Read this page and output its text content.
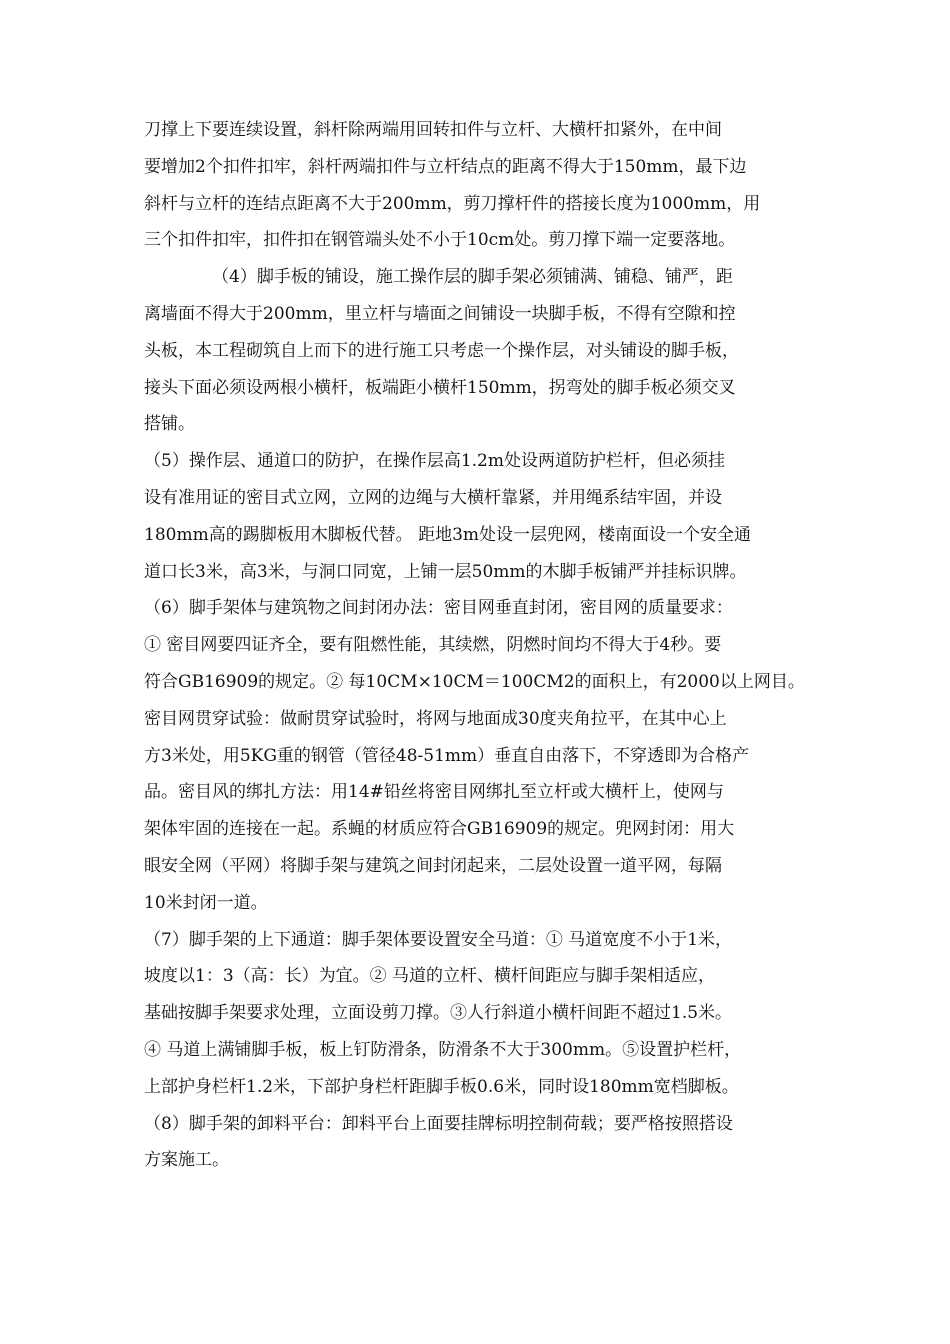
刀撑上下要连续设置，斜杆除两端用回转扣件与立杆、大横杆扣紧外，在中间
要增加2个扣件扣牢，斜杆两端扣件与立杆结点的距离不得大于150mm，最下边
斜杆与立杆的连结点距离不大于200mm，剪刀撑杆件的搭接长度为1000mm，用
三个扣件扣牢，扣件扣在钢管端头处不小于10cm处。剪刀撑下端一定要落地。
（4）脚手板的铺设，施工操作层的脚手架必须铺满、铺稳、铺严，距
离墙面不得大于200mm，里立杆与墙面之间铺设一块脚手板，不得有空隙和控
头板，本工程砌筑自上而下的进行施工只考虑一个操作层，对头铺设的脚手板，
接头下面必须设两根小横杆，板端距小横杆150mm，拐弯处的脚手板必须交叉
搭铺。
（5）操作层、通道口的防护，在操作层高1.2m处设两道防护栏杆，但必须挂
设有准用证的密目式立网，立网的边绳与大横杆靠紧，并用绳系结牢固，并设
180mm高的踢脚板用木脚板代替。 距地3m处设一层兜网，楼南面设一个安全通
道口长3米，高3米，与洞口同宽，上铺一层50mm的木脚手板铺严并挂标识牌。
（6）脚手架体与建筑物之间封闭办法：密目网垂直封闭，密目网的质量要求：
① 密目网要四证齐全，要有阻燃性能，其续燃，阴燃时间均不得大于4秒。要
符合GB16909的规定。② 每10CM×10CM＝100CM2的面积上，有2000以上网目。
密目网贯穿试验：做耐贯穿试验时，将网与地面成30度夹角拉平，在其中心上
方3米处，用5KG重的钢管（管径48-51mm）垂直自由落下，不穿透即为合格产
品。密目风的绑扎方法：用14#铅丝将密目网绑扎至立杆或大横杆上，使网与
架体牢固的连接在一起。系蝇的材质应符合GB16909的规定。兜网封闭：用大
眼安全网（平网）将脚手架与建筑之间封闭起来，二层处设置一道平网，每隔
10米封闭一道。
（7）脚手架的上下通道：脚手架体要设置安全马道：① 马道宽度不小于1米，
坡度以1：3（高：长）为宜。② 马道的立杆、横杆间距应与脚手架相适应，
基础按脚手架要求处理，立面设剪刀撑。③人行斜道小横杆间距不超过1.5米。
④ 马道上满铺脚手板，板上钉防滑条，防滑条不大于300mm。⑤设置护栏杆，
上部护身栏杆1.2米，下部护身栏杆距脚手板0.6米，同时设180mm宽档脚板。
（8）脚手架的卸料平台：卸料平台上面要挂牌标明控制荷载；要严格按照搭设
方案施工。
